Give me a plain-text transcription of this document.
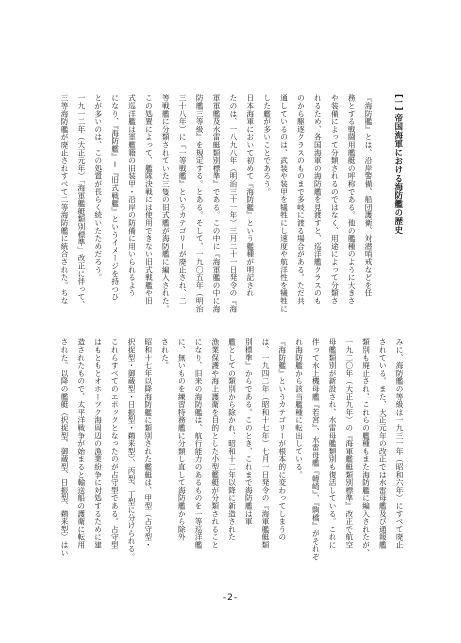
[一] 帝国海軍における海防艦の歴史
『海防艦』とは、沿岸警備、船団護衛、対潜哨戒などを任
務とする戦闘用艦艇の呼称である。他の艦種のように大きさ
や装備によって分類されるのではなく、用途によって分類さ
れるため、各国海軍の海防艦を見渡すと、巡洋艦クラスのも
のから駆逐クラスのものまで多岐に渡る場合がある。ただ共
通しているのは、武装や装甲を犠牲にし速度や航洋性を犠牲に
した艦が多いことであろう。
日本海軍において初めて『海防艦』という艦種が明記され
たのは、一八九八年（明治三十一年）三月二十一日発令の『海
軍軍艦及水雷艇類別標準』である。この中に『海軍艦の中に海
防艦三等級』を規定する。とある。そして、一九〇五年（明治
三十八年）に『一等戦艦』というカテゴリーが廃止され、二
等戦艦に分類されていた三隻の旧式艦が海防艦に編入された。
この処置によって、艦隊決戦には使用できない旧式戦艦や旧
式巡洋艦は軍艦籍の旧装甲・沿岸の防備に用いられるよう
になり、『海防艦』＝『旧式戦艦』というイメージを持つひ
とが多いのは、この処置が長らく続いたためだろう。
一九一二年（大正元年）「海軍艦艇類別標準」改正に伴って、
三等海防艦が廃止されすべて二等海防艦に統合された。ちな
みに、海防艦の等級は一九三一年（昭和六年）にすべて廃止
されている。また、大正元年の改正では水雷母艦及び通報艦
類別も廃止され、これらの艦種もまた海防艦に編入されたが、
一九二〇年（大正九年）の『海軍艦艇類別標準』改正で航空
母艦類別が新設され、水雷母艦類別も復活している。これに
伴って水上機母艦『若宮』、水雷母艦『韓崎』、『駒橋』がそれぞ
れ海防艦から該当艦種に転出している。
『海防艦』というカテゴリーが根本的に変わってしまうの
は、一九四二年（昭和十七年）七月一日発令の『海軍艦艇類
別標準』からである。このとき、これまで海防艦は軍
艦としての類別から除かれ、昭和十二年以降に新造された
漁業保護や海上護衛を目的とした小型艦艇が分類されること
になり、旧来の海防艦は、航行能力のあるものを一等巡洋艦
に、無いものを練習特務艦に分類し直して海防艦から除外
された。
昭和十七年以降海防艦に類別された艦艇は、甲型（占守型・
択捉型・御蔵型・日振型・鵜来型）、丙型、丁型に分けられる。
これらすべてのエポックとなったのが占守型である。占守型
はもともとオホーツク海周辺の漁業紛争に対処するために建
造されたもので、太平洋戦争が始まると輸送船の護衛に転用
された。以降の艦艇（択捉型、御蔵型、日振型、鵜来型）はい
-2-
